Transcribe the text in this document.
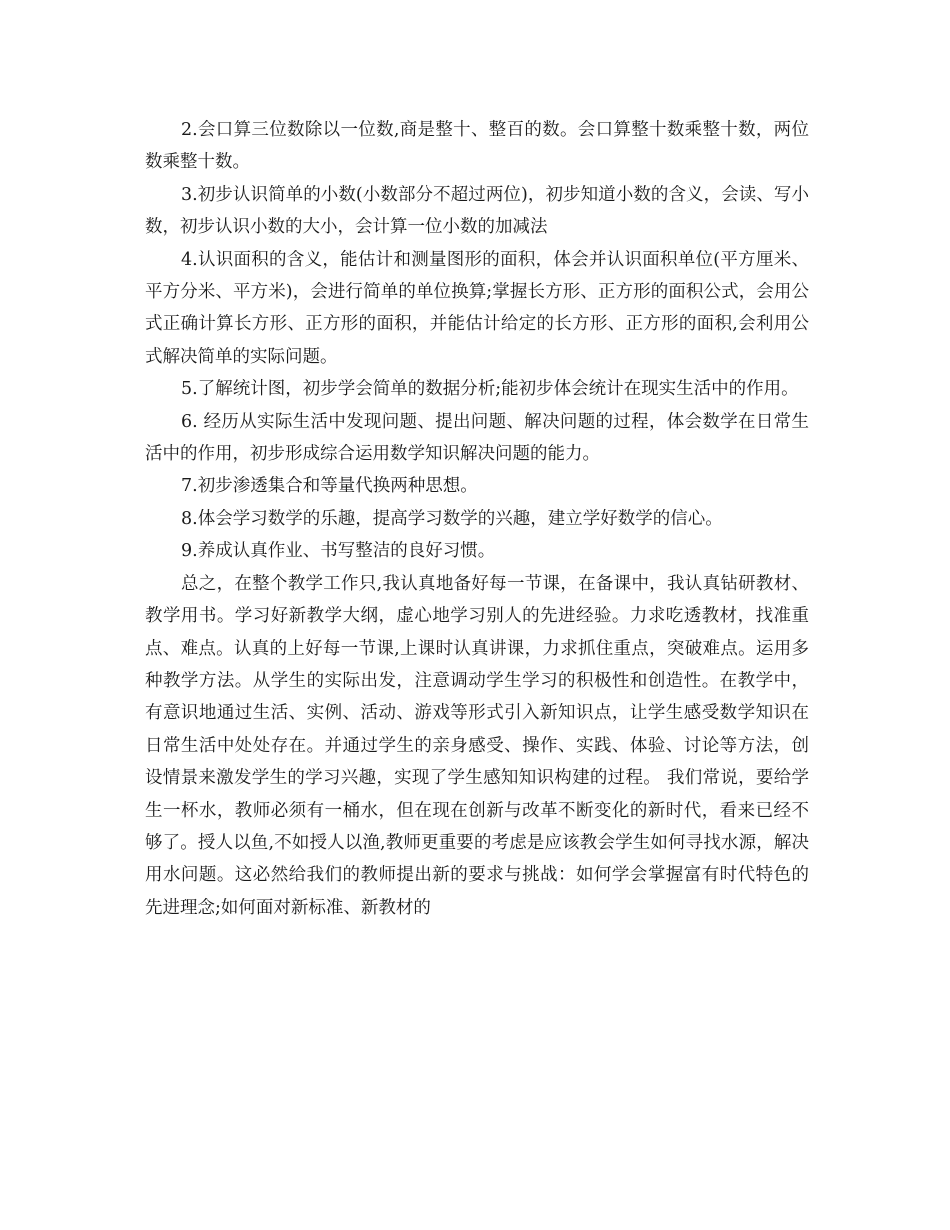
2.会口算三位数除以一位数,商是整十、整百的数。会口算整十数乘整十数，两位数乘整十数。

3.初步认识简单的小数(小数部分不超过两位)，初步知道小数的含义，会读、写小数，初步认识小数的大小，会计算一位小数的加减法

4.认识面积的含义，能估计和测量图形的面积，体会并认识面积单位(平方厘米、平方分米、平方米)，会进行简单的单位换算;掌握长方形、正方形的面积公式，会用公式正确计算长方形、正方形的面积，并能估计给定的长方形、正方形的面积,会利用公式解决简单的实际问题。

5.了解统计图，初步学会简单的数据分析;能初步体会统计在现实生活中的作用。

6. 经历从实际生活中发现问题、提出问题、解决问题的过程，体会数学在日常生活中的作用，初步形成综合运用数学知识解决问题的能力。

7.初步渗透集合和等量代换两种思想。

8.体会学习数学的乐趣，提高学习数学的兴趣，建立学好数学的信心。

9.养成认真作业、书写整洁的良好习惯。

总之，在整个教学工作只,我认真地备好每一节课，在备课中，我认真钻研教材、教学用书。学习好新教学大纲，虚心地学习别人的先进经验。力求吃透教材，找准重点、难点。认真的上好每一节课,上课时认真讲课，力求抓住重点，突破难点。运用多种教学方法。从学生的实际出发，注意调动学生学习的积极性和创造性。在教学中，有意识地通过生活、实例、活动、游戏等形式引入新知识点，让学生感受数学知识在日常生活中处处存在。并通过学生的亲身感受、操作、实践、体验、讨论等方法，创设情景来激发学生的学习兴趣，实现了学生感知知识构建的过程。 我们常说，要给学生一杯水，教师必须有一桶水，但在现在创新与改革不断变化的新时代，看来已经不够了。授人以鱼,不如授人以渔,教师更重要的考虑是应该教会学生如何寻找水源，解决用水问题。这必然给我们的教师提出新的要求与挑战：如何学会掌握富有时代特色的先进理念;如何面对新标准、新教材的
